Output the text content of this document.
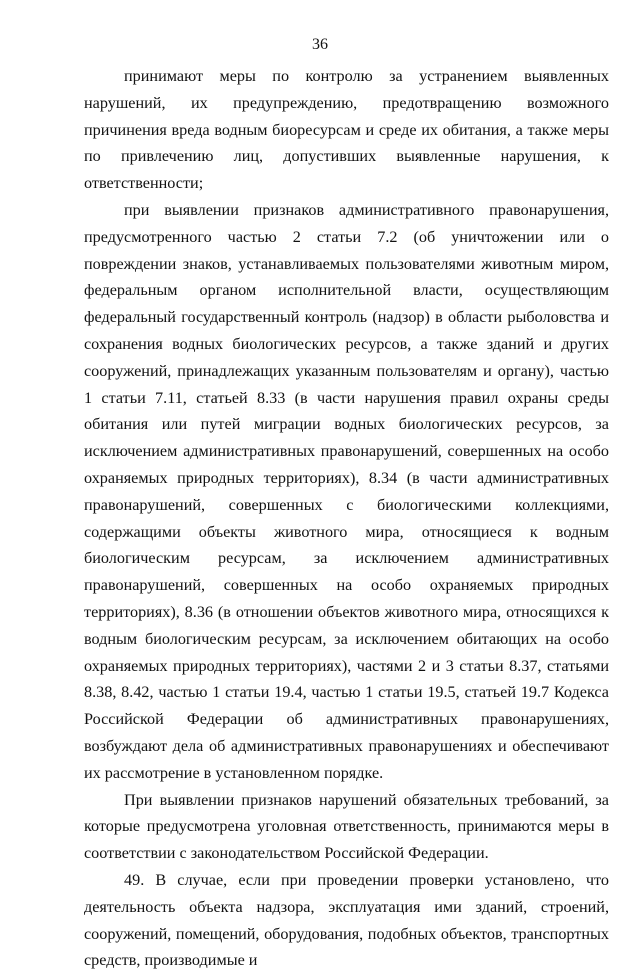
36

принимают меры по контролю за устранением выявленных нарушений, их предупреждению, предотвращению возможного причинения вреда водным биоресурсам и среде их обитания, а также меры по привлечению лиц, допустивших выявленные нарушения, к ответственности;

при выявлении признаков административного правонарушения, предусмотренного частью 2 статьи 7.2 (об уничтожении или о повреждении знаков, устанавливаемых пользователями животным миром, федеральным органом исполнительной власти, осуществляющим федеральный государственный контроль (надзор) в области рыболовства и сохранения водных биологических ресурсов, а также зданий и других сооружений, принадлежащих указанным пользователям и органу), частью 1 статьи 7.11, статьей 8.33 (в части нарушения правил охраны среды обитания или путей миграции водных биологических ресурсов, за исключением административных правонарушений, совершенных на особо охраняемых природных территориях), 8.34 (в части административных правонарушений, совершенных с биологическими коллекциями, содержащими объекты животного мира, относящиеся к водным биологическим ресурсам, за исключением административных правонарушений, совершенных на особо охраняемых природных территориях), 8.36 (в отношении объектов животного мира, относящихся к водным биологическим ресурсам, за исключением обитающих на особо охраняемых природных территориях), частями 2 и 3 статьи 8.37, статьями 8.38, 8.42, частью 1 статьи 19.4, частью 1 статьи 19.5, статьей 19.7 Кодекса Российской Федерации об административных правонарушениях, возбуждают дела об административных правонарушениях и обеспечивают их рассмотрение в установленном порядке.

При выявлении признаков нарушений обязательных требований, за которые предусмотрена уголовная ответственность, принимаются меры в соответствии с законодательством Российской Федерации.

49. В случае, если при проведении проверки установлено, что деятельность объекта надзора, эксплуатация ими зданий, строений, сооружений, помещений, оборудования, подобных объектов, транспортных средств, производимые и
